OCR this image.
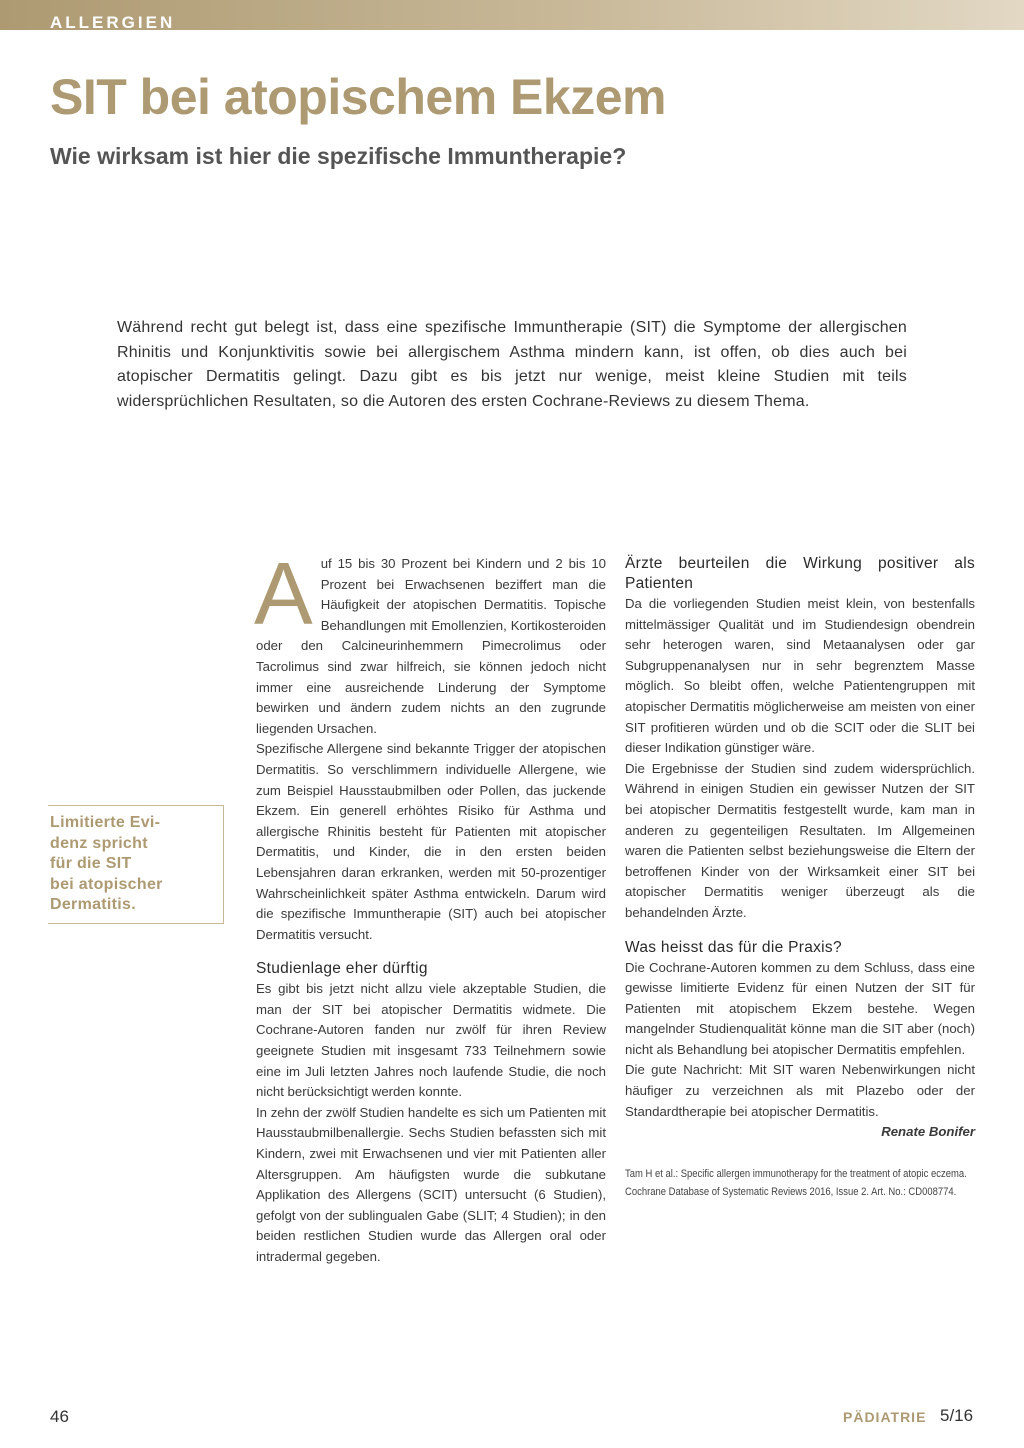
ALLERGIEN
SIT bei atopischem Ekzem
Wie wirksam ist hier die spezifische Immuntherapie?

Während recht gut belegt ist, dass eine spezifische Immuntherapie (SIT) die Symptome der allergischen Rhinitis und Konjunktivitis sowie bei allergischem Asthma mindern kann, ist offen, ob dies auch bei atopischer Dermatitis gelingt. Dazu gibt es bis jetzt nur wenige, meist kleine Studien mit teils widersprüchlichen Resultaten, so die Autoren des ersten Cochrane-Reviews zu diesem Thema.

Limitierte Evi-
denz spricht
für die SIT
bei atopischer
Dermatitis.

Auf 15 bis 30 Prozent bei Kindern und 2 bis 10 Prozent bei Erwachsenen beziffert man die Häufigkeit der atopischen Dermatitis. Topische Behandlungen mit Emollenzien, Kortikosteroiden oder den Calcineurinhemmern Pimecrolimus oder Tacrolimus sind zwar hilfreich, sie können jedoch nicht immer eine ausreichende Linderung der Symptome bewirken und ändern zudem nichts an den zugrunde liegenden Ursachen.

Spezifische Allergene sind bekannte Trigger der atopischen Dermatitis. So verschlimmern individuelle Allergene, wie zum Beispiel Hausstaubmilben oder Pollen, das juckende Ekzem. Ein generell erhöhtes Risiko für Asthma und allergische Rhinitis besteht für Patienten mit atopischer Dermatitis, und Kinder, die in den ersten beiden Lebensjahren daran erkranken, werden mit 50-prozentiger Wahrscheinlichkeit später Asthma entwickeln. Darum wird die spezifische Immuntherapie (SIT) auch bei atopischer Dermatitis versucht.

Studienlage eher dürftig

Es gibt bis jetzt nicht allzu viele akzeptable Studien, die man der SIT bei atopischer Dermatitis widmete. Die Cochrane-Autoren fanden nur zwölf für ihren Review geeignete Studien mit insgesamt 733 Teilnehmern sowie eine im Juli letzten Jahres noch laufende Studie, die noch nicht berücksichtigt werden konnte.

In zehn der zwölf Studien handelte es sich um Patienten mit Hausstaubmilbenallergie. Sechs Studien befassten sich mit Kindern, zwei mit Erwachsenen und vier mit Patienten aller Altersgruppen. Am häufigsten wurde die subkutane Applikation des Allergens (SCIT) untersucht (6 Studien), gefolgt von der sublingualen Gabe (SLIT; 4 Studien); in den beiden restlichen Studien wurde das Allergen oral oder intradermal gegeben.

Ärzte beurteilen die Wirkung positiver als Patienten

Da die vorliegenden Studien meist klein, von bestenfalls mittelmässiger Qualität und im Studiendesign obendrein sehr heterogen waren, sind Metaanalysen oder gar Subgruppenanalysen nur in sehr begrenztem Masse möglich. So bleibt offen, welche Patientengruppen mit atopischer Dermatitis möglicherweise am meisten von einer SIT profitieren würden und ob die SCIT oder die SLIT bei dieser Indikation günstiger wäre.

Die Ergebnisse der Studien sind zudem widersprüchlich. Während in einigen Studien ein gewisser Nutzen der SIT bei atopischer Dermatitis festgestellt wurde, kam man in anderen zu gegenteiligen Resultaten. Im Allgemeinen waren die Patienten selbst beziehungsweise die Eltern der betroffenen Kinder von der Wirksamkeit einer SIT bei atopischer Dermatitis weniger überzeugt als die behandelnden Ärzte.

Was heisst das für die Praxis?

Die Cochrane-Autoren kommen zu dem Schluss, dass eine gewisse limitierte Evidenz für einen Nutzen der SIT für Patienten mit atopischem Ekzem bestehe. Wegen mangelnder Studienqualität könne man die SIT aber (noch) nicht als Behandlung bei atopischer Dermatitis empfehlen.

Die gute Nachricht: Mit SIT waren Nebenwirkungen nicht häufiger zu verzeichnen als mit Plazebo oder der Standardtherapie bei atopischer Dermatitis.

Renate Bonifer

Tam H et al.: Specific allergen immunotherapy for the treatment of atopic eczema.
Cochrane Database of Systematic Reviews 2016, Issue 2. Art. No.: CD008774.
46	PÄDIATRIE 5/16
